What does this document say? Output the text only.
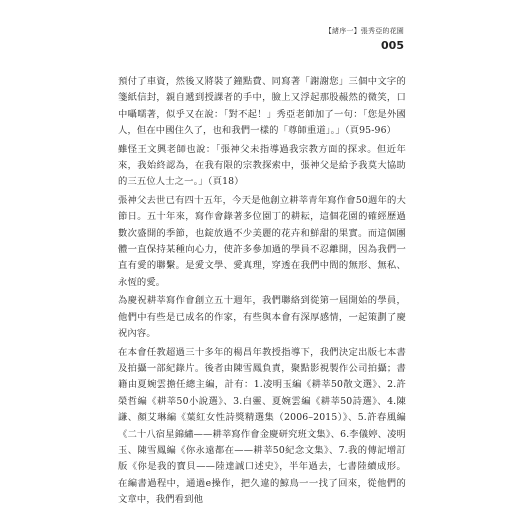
【緒序一】張秀亞的花園
005

預付了車資，然後又將裝了鐘點費、同寫著「謝謝您」三個中文字的箋紙信封，親自遞到授課者的手中，臉上又浮起那股赧然的微笑，口中囁嚅著，似乎又在說：「對不起！」秀亞老師加了一句：「您是外國人，但在中國住久了，也和我們一樣的「尊師重道」。」（頁95-96）

雖怪王文興老師也說：「張神父未指導過我宗教方面的探求。但近年來，我始終認為，在我有限的宗教探索中，張神父是給予我莫大協助的三五位人士之一。」（頁18）

張神父去世已有四十五年，今天是他創立耕莘青年寫作會50週年的大節日。五十年來，寫作會錄著多位園丁的耕耘，這個花園的確經歷過數次盛開的季節，也錠放過不少美麗的花卉和鮮甜的果實。而這個團體一直保持某種向心力，使許多參加過的學員不忍離開，因為我們一直有愛的聯繫。是愛文學、愛真理，穿透在我們中間的無形、無私、永恆的愛。

為慶祝耕莘寫作會創立五十週年，我們聯絡到從第一屆開始的學員，他們中有些是已成名的作家，有些與本會有深厚感情，一起策劃了慶祝內容。

在本會任教超過三十多年的楊昌年教授指導下，我們決定出版七本書及拍攝一部紀錄片。後者由陳雪鳳負責，聚點影視製作公司拍攝；書籍由夏婉雲擔任總主編，計有：1.凌明玉編《耕莘50散文選》、2.許榮哲編《耕莘50小說選》、3.白靈、夏婉雲編《耕莘50詩選》、4.陳謙、顏艾琳編《葉紅女性詩獎精選集（2006–2015）》、5.許春風編《二十八宿星錦繡——耕莘寫作會金慶研究班文集》、6.李儀婷、凌明玉、陳雪鳳編《你永遠都在——耕莘50紀念文集》、7.我的傳記增訂版《你是我的寶貝——陸達誠口述史》，半年過去，七書陸續成形。在編書過程中，通過e操作，把久違的鯨鳥一一找了回來，從他們的文章中，我們看到他
